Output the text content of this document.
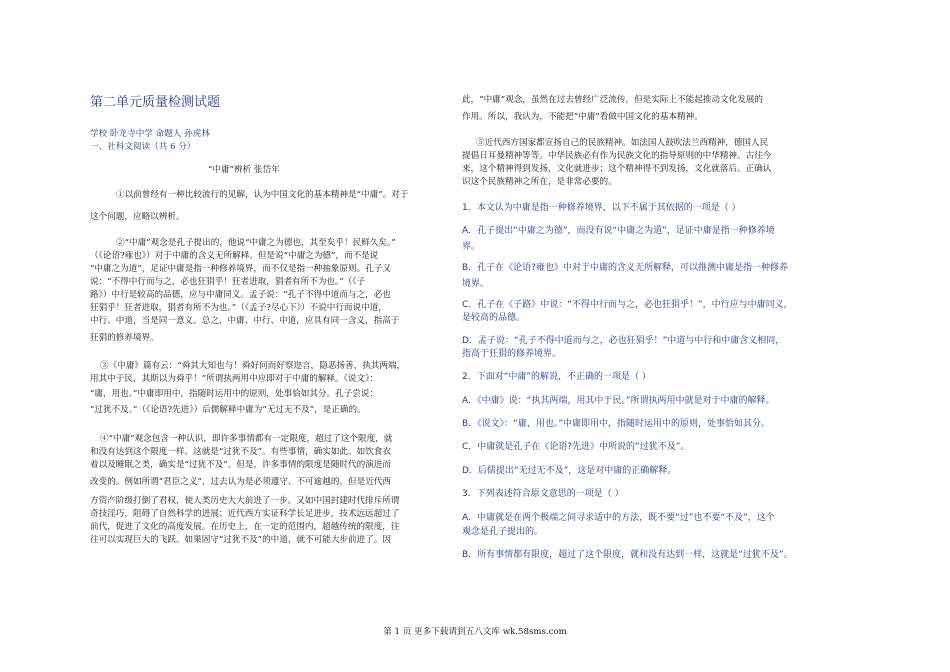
第二单元质量检测试题
学校 卧龙寺中学 命题人 孙虎林
一、社科文阅读（共 6 分）
“中庸”辨析 张岱年
①以前曾经有一种比较流行的见解，认为中国文化的基本精神是“中庸”。对于
这个问题，应略以辨析。
②“中庸”观念是孔子提出的，他说“中庸之为德也，其至矣乎！民鲜久矣。”
（《论语?雍也》）对于中庸的含义无所解释。但是说“中庸之为德”，而不是说
“中庸之为道”，足证中庸是指一种修养境界，而不仅是指一种抽象原则。孔子又
说：“不得中行而与之，必也狂狷乎！狂者进取，狷者有所不为也。”（《子
路》）中行是较高的品德，应与中庸同义。孟子说：“孔子不得中道而与之，必也
狂狷乎！狂者进取，狷者有所不为也。”（《孟子?尽心下》）不说中行而说中道，
中行、中道，当是同一意义。总之，中庸、中行、中道，应具有同一含义，指高于
狂狷的修养境界。
③《中庸》篇有云：“舜其大知也与！舜好问而好察迩言，隐恶扬善，执其两端，
用其中于民，其斯以为舜乎！”所谓执两用中应即对于中庸的解释。《说文》：
“庸，用也。”中庸即用中，指随时运用中的原则，处事恰如其分。孔子尝说：
“过犹不及。”（《论语?先进》）后儒解释中庸为“无过无不及”，是正确的。
④“中庸”观念包含一种认识，即许多事情都有一定限度，超过了这个限度，就
和没有达到这个限度一样。这就是“过犹不及”。有些事情，确实如此。如饮食衣
着以及睡眠之类，确实是“过犹不及”。但是，许多事情的限度是随时代的演进而
改变的。例如所谓“君臣之义”，过去认为是必须遵守、不可逾越的。但是近代西
方资产阶级打倒了君权，使人类历史大大前进了一步。又如中国封建时代排斥所谓
奇技淫巧，阻碍了自然科学的进展；近代西方实证科学长足进步，技术远远超过了
前代，促进了文化的高度发展。在历史上，在一定的范围内，超越传统的限度，往
往可以实现巨大的飞跃。如果固守“过犹不及”的中道，就不可能大步前进了。因
此，“中庸”观念，虽然在过去曾经广泛流传，但是实际上不能起推动文化发展的
作用。所以，我认为，不能把“中庸”看做中国文化的基本精神。
⑤近代西方国家都宣扬自己的民族精神。如法国人鼓吹法兰西精神，德国人民
提倡日耳曼精神等等。中华民族必有作为民族文化的指导原则的中华精神。古往今
来，这个精神得到发扬，文化就进步；这个精神得不到发扬，文化就落后。正确认
识这个民族精神之所在，是非常必要的。
1．本文认为中庸是指一种修养境界，以下不属于其依据的一项是（ ）
A．孔子提出“中庸之为德”，而没有说“中庸之为道”，足证中庸是指一种修养境
界。
B．孔子在《论语?雍也》中对于中庸的含义无所解释，可以推测中庸是指一种修养
境界。
C．孔子在《子路》中说：“不得中行而与之，必也狂狷乎！”，中行应与中庸同义，
是较高的品德。
D．孟子说：“孔子不得中道而与之，必也狂狷乎！”中道与中行和中庸含义相同，
指高于狂狷的修养境界。
2．下面对“中庸”的解说，不正确的一项是（ ）
A．《中庸》说：“执其两端，用其中于民。”所谓执两用中就是对于中庸的解释。
B．《说文》：“庸，用也。”中庸即用中，指随时运用中的原则，处事恰如其分。
C．中庸就是孔子在《论语?先进》中所说的“过犹不及”。
D．后儒提出“无过无不及”，这是对中庸的正确解释。
3．下列表述符合原文意思的一项是（ ）
A．中庸就是在两个极端之间寻求适中的方法，既不要“过”也不要“不及”，这个
观念是孔子提出的。
B．所有事情都有限度，超过了这个限度，就和没有达到一样，这就是“过犹不及”。
第 1 页 更多下载请到五八文库 wk.58sms.com
